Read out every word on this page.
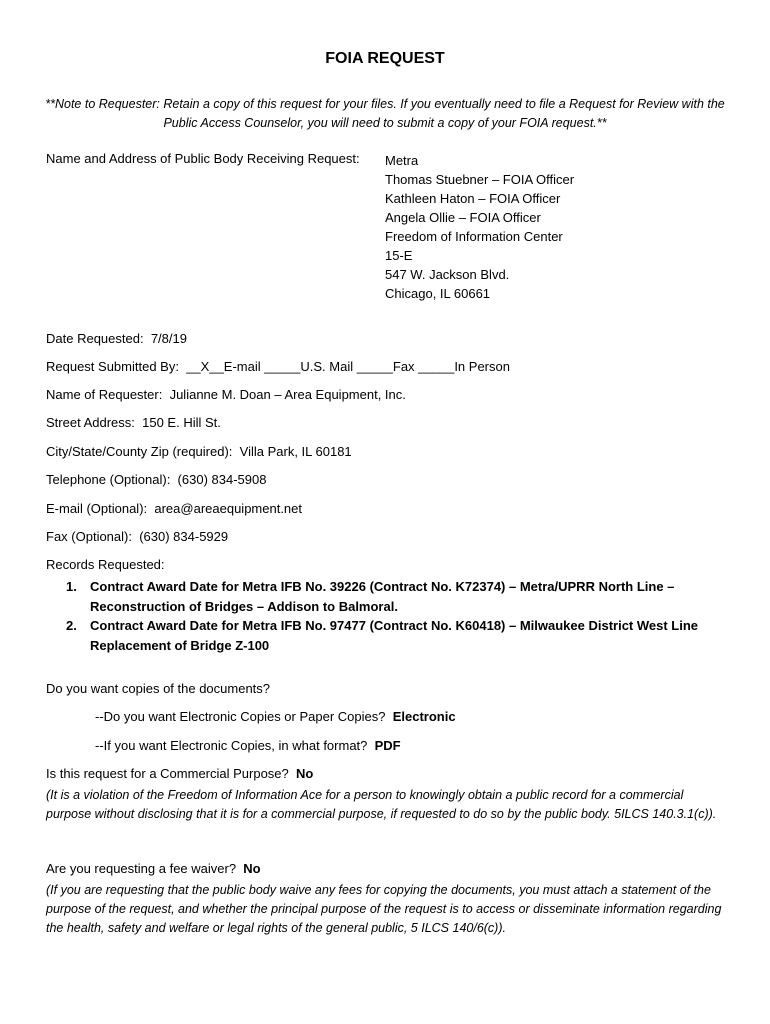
FOIA REQUEST
**Note to Requester: Retain a copy of this request for your files. If you eventually need to file a Request for Review with the Public Access Counselor, you will need to submit a copy of your FOIA request.**
Name and Address of Public Body Receiving Request: Metra
Thomas Stuebner – FOIA Officer
Kathleen Haton – FOIA Officer
Angela Ollie – FOIA Officer
Freedom of Information Center
15-E
547 W. Jackson Blvd.
Chicago, IL 60661
Date Requested: 7/8/19
Request Submitted By: __X__E-mail _____U.S. Mail _____Fax _____In Person
Name of Requester: Julianne M. Doan – Area Equipment, Inc.
Street Address: 150 E. Hill St.
City/State/County Zip (required): Villa Park, IL 60181
Telephone (Optional): (630) 834-5908
E-mail (Optional): area@areaequipment.net
Fax (Optional): (630) 834-5929
Records Requested:
1.	Contract Award Date for Metra IFB No. 39226 (Contract No. K72374) – Metra/UPRR North Line – Reconstruction of Bridges – Addison to Balmoral.
2.	Contract Award Date for Metra IFB No. 97477 (Contract No. K60418) – Milwaukee District West Line Replacement of Bridge Z-100
Do you want copies of the documents?
--Do you want Electronic Copies or Paper Copies? Electronic
--If you want Electronic Copies, in what format? PDF
Is this request for a Commercial Purpose? No
(It is a violation of the Freedom of Information Ace for a person to knowingly obtain a public record for a commercial purpose without disclosing that it is for a commercial purpose, if requested to do so by the public body. 5ILCS 140.3.1(c)).
Are you requesting a fee waiver? No
(If you are requesting that the public body waive any fees for copying the documents, you must attach a statement of the purpose of the request, and whether the principal purpose of the request is to access or disseminate information regarding the health, safety and welfare or legal rights of the general public, 5 ILCS 140/6(c)).
